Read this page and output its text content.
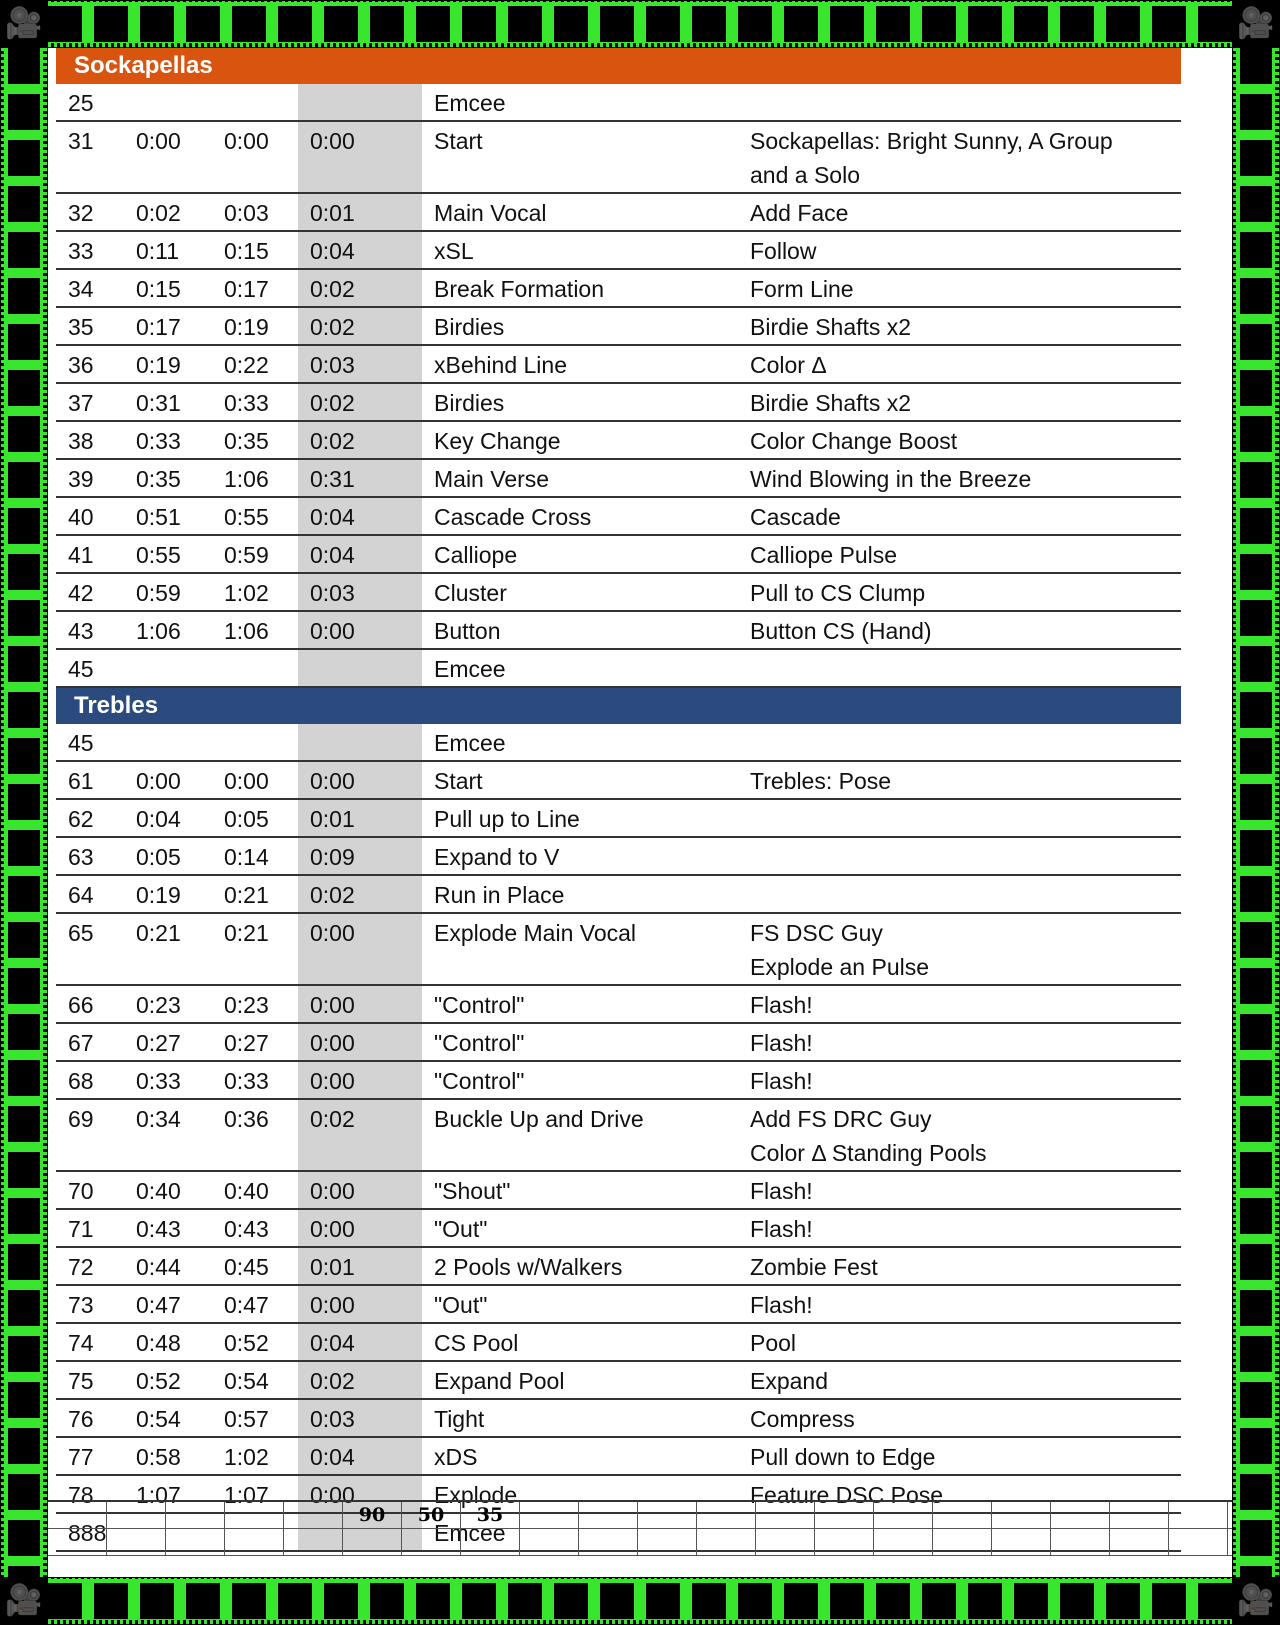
🎥	🎥
🎥	🎥
Sockapellas
25	Emcee
31	0:00	0:00	0:00	Start	Sockapellas: Bright Sunny, A Group
and a Solo
32	0:02	0:03	0:01	Main Vocal	Add Face
33	0:11	0:15	0:04	xSL	Follow
34	0:15	0:17	0:02	Break Formation	Form Line
35	0:17	0:19	0:02	Birdies	Birdie Shafts x2
36	0:19	0:22	0:03	xBehind Line	Color Δ
37	0:31	0:33	0:02	Birdies	Birdie Shafts x2
38	0:33	0:35	0:02	Key Change	Color Change Boost
39	0:35	1:06	0:31	Main Verse	Wind Blowing in the Breeze
40	0:51	0:55	0:04	Cascade Cross	Cascade
41	0:55	0:59	0:04	Calliope	Calliope Pulse
42	0:59	1:02	0:03	Cluster	Pull to CS Clump
43	1:06	1:06	0:00	Button	Button CS (Hand)
45	Emcee
Trebles
45	Emcee
61	0:00	0:00	0:00	Start	Trebles: Pose
62	0:04	0:05	0:01	Pull up to Line
63	0:05	0:14	0:09	Expand to V
64	0:19	0:21	0:02	Run in Place
65	0:21	0:21	0:00	Explode Main Vocal	FS DSC Guy
Explode an Pulse
66	0:23	0:23	0:00	"Control"	Flash!
67	0:27	0:27	0:00	"Control"	Flash!
68	0:33	0:33	0:00	"Control"	Flash!
69	0:34	0:36	0:02	Buckle Up and Drive	Add FS DRC Guy
Color Δ Standing Pools
70	0:40	0:40	0:00	"Shout"	Flash!
71	0:43	0:43	0:00	"Out"	Flash!
72	0:44	0:45	0:01	2 Pools w/Walkers	Zombie Fest
73	0:47	0:47	0:00	"Out"	Flash!
74	0:48	0:52	0:04	CS Pool	Pool
75	0:52	0:54	0:02	Expand Pool	Expand
76	0:54	0:57	0:03	Tight	Compress
77	0:58	1:02	0:04	xDS	Pull down to Edge
78	1:07	1:07	0:00	Explode	Feature DSC Pose
888	Emcee
90	50	35
